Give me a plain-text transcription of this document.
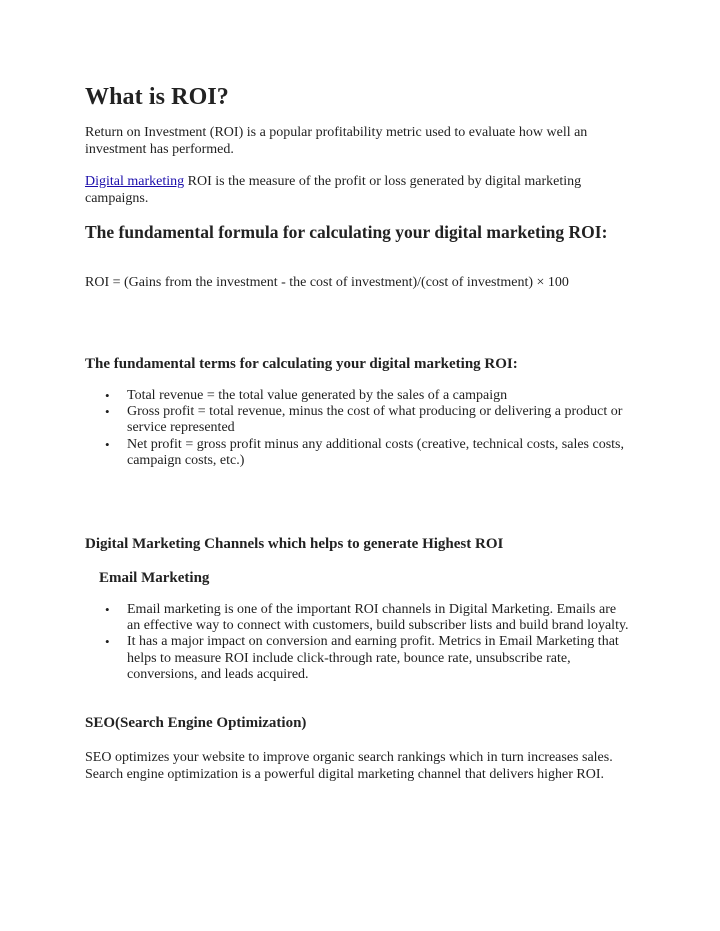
What is ROI?

Return on Investment (ROI) is a popular profitability metric used to evaluate how well an investment has performed.

Digital marketing ROI is the measure of the profit or loss generated by digital marketing campaigns.

The fundamental formula for calculating your digital marketing ROI:

ROI = (Gains from the investment - the cost of investment)/(cost of investment) × 100

The fundamental terms for calculating your digital marketing ROI:
• Total revenue = the total value generated by the sales of a campaign
• Gross profit = total revenue, minus the cost of what producing or delivering a product or service represented
• Net profit = gross profit minus any additional costs (creative, technical costs, sales costs, campaign costs, etc.)
Digital Marketing Channels which helps to generate Highest ROI
Email Marketing
• Email marketing is one of the important ROI channels in Digital Marketing. Emails are an effective way to connect with customers, build subscriber lists and build brand loyalty.
• It has a major impact on conversion and earning profit. Metrics in Email Marketing that helps to measure ROI include click-through rate, bounce rate, unsubscribe rate, conversions, and leads acquired.
SEO(Search Engine Optimization)

SEO optimizes your website to improve organic search rankings which in turn increases sales. Search engine optimization is a powerful digital marketing channel that delivers higher ROI.
